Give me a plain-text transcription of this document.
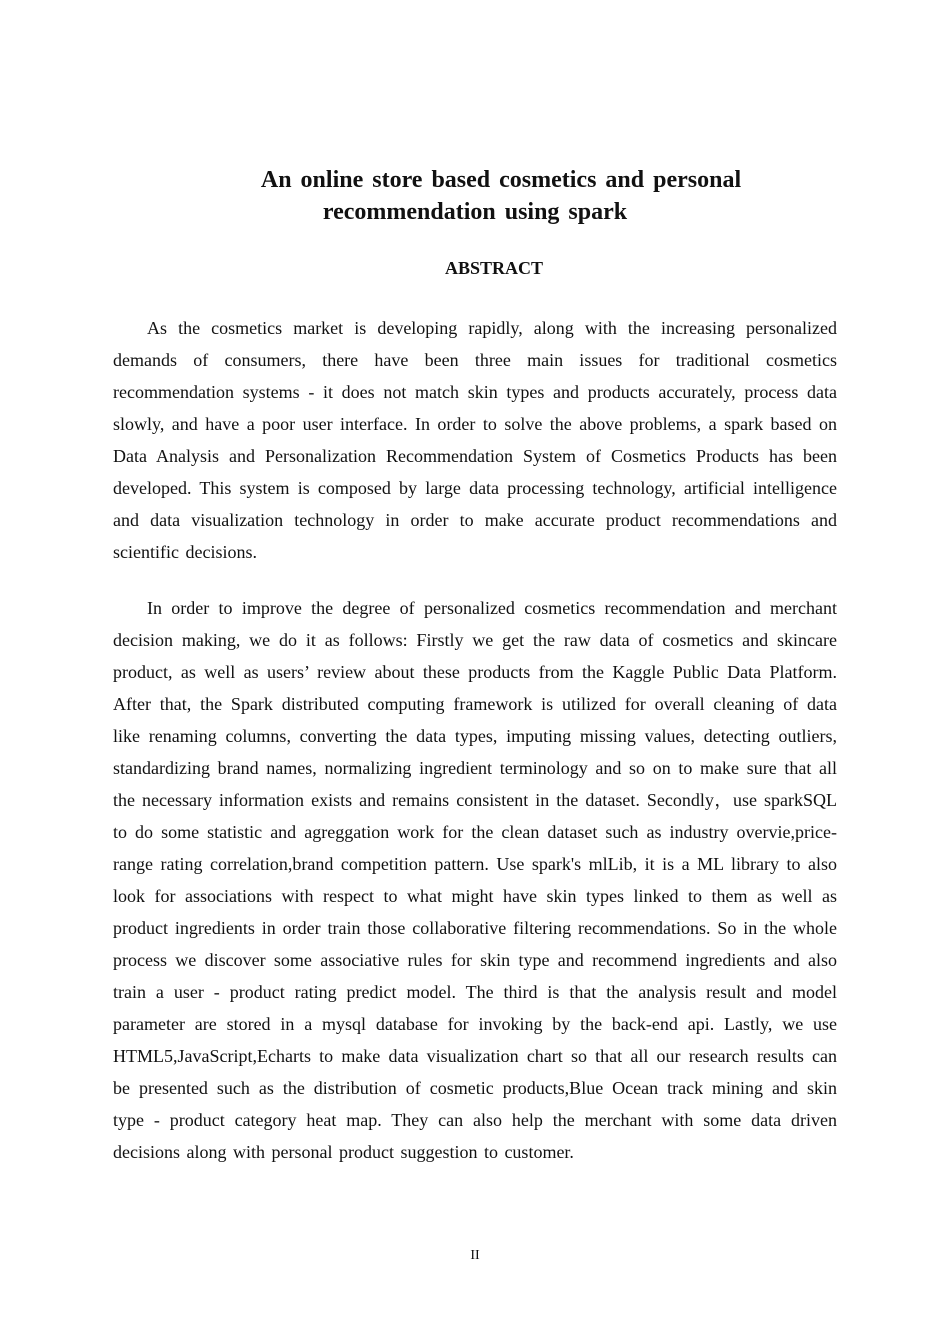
An online store based cosmetics and personal
recommendation using spark
ABSTRACT

As the cosmetics market is developing rapidly, along with the increasing personalized demands of consumers, there have been three main issues for traditional cosmetics recommendation systems - it does not match skin types and products accurately, process data slowly, and have a poor user interface. In order to solve the above problems, a spark based on Data Analysis and Personalization Recommendation System of Cosmetics Products has been developed. This system is composed by large data processing technology, artificial intelligence and data visualization technology in order to make accurate product recommendations and scientific decisions.

In order to improve the degree of personalized cosmetics recommendation and merchant decision making, we do it as follows: Firstly we get the raw data of cosmetics and skincare product, as well as users’ review about these products from the Kaggle Public Data Platform. After that, the Spark distributed computing framework is utilized for overall cleaning of data like renaming columns, converting the data types, imputing missing values, detecting outliers, standardizing brand names, normalizing ingredient terminology and so on to make sure that all the necessary information exists and remains consistent in the dataset. Secondly，use sparkSQL to do some statistic and agreggation work for the clean dataset such as industry overvie,price-range rating correlation,brand competition pattern. Use spark's mlLib, it is a ML library to also look for associations with respect to what might have skin types linked to them as well as product ingredients in order train those collaborative filtering recommendations. So in the whole process we discover some associative rules for skin type and recommend ingredients and also train a user - product rating predict model. The third is that the analysis result and model parameter are stored in a mysql database for invoking by the back-end api. Lastly, we use HTML5,JavaScript,Echarts to make data visualization chart so that all our research results can be presented such as the distribution of cosmetic products,Blue Ocean track mining and skin type - product category heat map. They can also help the merchant with some data driven decisions along with personal product suggestion to customer.

II
